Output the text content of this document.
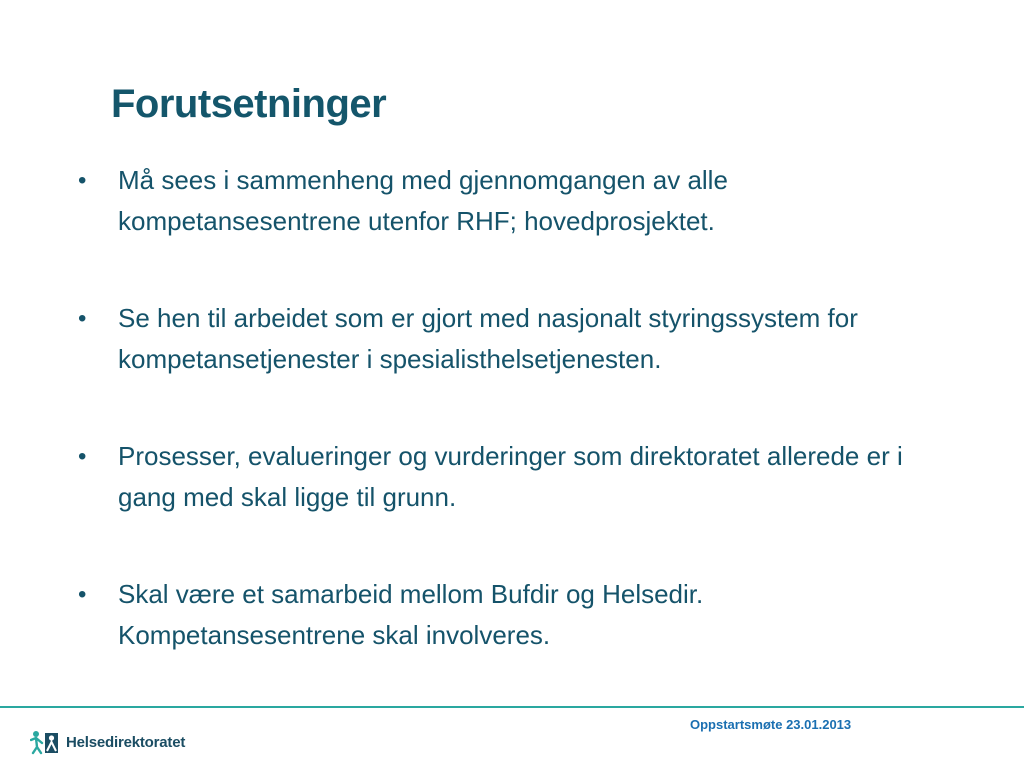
Forutsetninger
• Må sees i sammenheng med gjennomgangen av alle kompetansesentrene utenfor RHF; hovedprosjektet.
• Se hen til arbeidet som er gjort med nasjonalt styringssystem for kompetansetjenester i spesialisthelsetjenesten.
• Prosesser, evalueringer og vurderinger som direktoratet allerede er i gang med skal ligge til grunn.
• Skal være et samarbeid mellom Bufdir og Helsedir. Kompetansesentrene skal involveres.
Oppstartsmøte 23.01.2013
Helsedirektoratet
